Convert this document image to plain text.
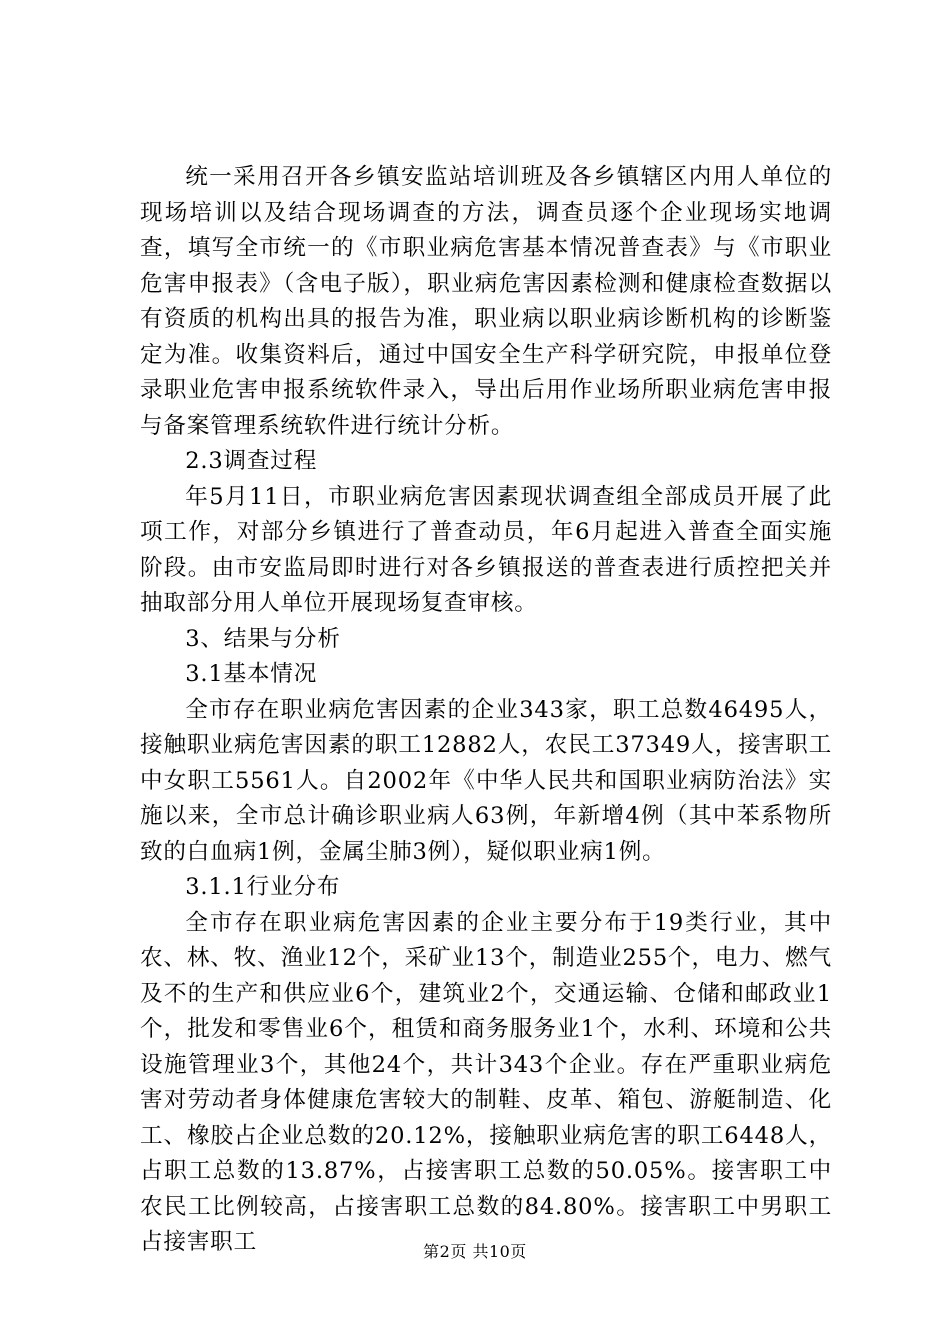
统一采用召开各乡镇安监站培训班及各乡镇辖区内用人单位的现场培训以及结合现场调查的方法，调查员逐个企业现场实地调查，填写全市统一的《市职业病危害基本情况普查表》与《市职业危害申报表》（含电子版），职业病危害因素检测和健康检查数据以有资质的机构出具的报告为准，职业病以职业病诊断机构的诊断鉴定为准。收集资料后，通过中国安全生产科学研究院，申报单位登录职业危害申报系统软件录入，导出后用作业场所职业病危害申报与备案管理系统软件进行统计分析。

2.3调查过程

年5月11日，市职业病危害因素现状调查组全部成员开展了此项工作，对部分乡镇进行了普查动员，年6月起进入普查全面实施阶段。由市安监局即时进行对各乡镇报送的普查表进行质控把关并抽取部分用人单位开展现场复查审核。

3、结果与分析

3.1基本情况

全市存在职业病危害因素的企业343家，职工总数46495人，接触职业病危害因素的职工12882人，农民工37349人，接害职工中女职工5561人。自2002年《中华人民共和国职业病防治法》实施以来，全市总计确诊职业病人63例，年新增4例（其中苯系物所致的白血病1例，金属尘肺3例），疑似职业病1例。

3.1.1行业分布

全市存在职业病危害因素的企业主要分布于19类行业，其中农、林、牧、渔业12个，采矿业13个，制造业255个，电力、燃气及不的生产和供应业6个，建筑业2个，交通运输、仓储和邮政业1个，批发和零售业6个，租赁和商务服务业1个，水利、环境和公共设施管理业3个，其他24个，共计343个企业。存在严重职业病危害对劳动者身体健康危害较大的制鞋、皮革、箱包、游艇制造、化工、橡胶占企业总数的20.12%，接触职业病危害的职工6448人，占职工总数的13.87%，占接害职工总数的50.05%。接害职工中农民工比例较高，占接害职工总数的84.80%。接害职工中男职工占接害职工	第2页 共10页
